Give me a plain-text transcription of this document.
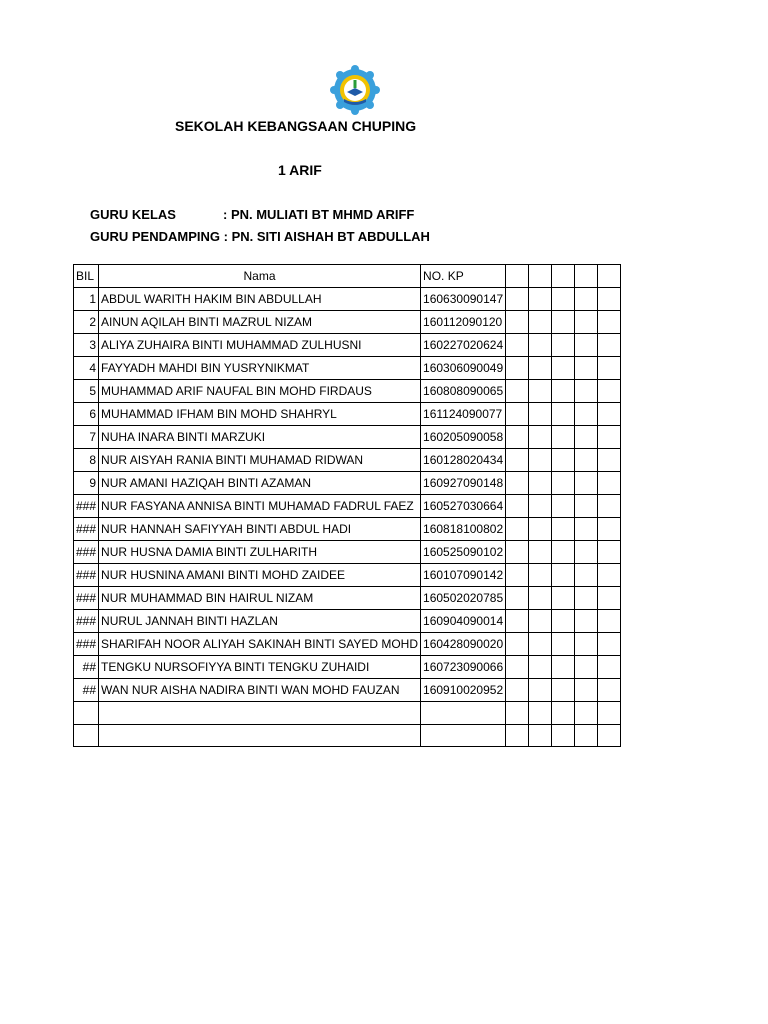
SEKOLAH KEBANGSAAN CHUPING
1 ARIF
GURU KELAS	: PN. MULIATI BT MHMD ARIFF
GURU PENDAMPING : PN. SITI AISHAH BT ABDULLAH
BIL	Nama	NO. KP					
1	ABDUL WARITH HAKIM BIN ABDULLAH	160630090147					
2	AINUN AQILAH BINTI MAZRUL NIZAM	160112090120					
3	ALIYA ZUHAIRA BINTI MUHAMMAD ZULHUSNI	160227020624					
4	FAYYADH MAHDI BIN YUSRYNIKMAT	160306090049					
5	MUHAMMAD ARIF NAUFAL BIN MOHD FIRDAUS	160808090065					
6	MUHAMMAD IFHAM BIN MOHD SHAHRYL	161124090077					
7	NUHA INARA BINTI MARZUKI	160205090058					
8	NUR AISYAH RANIA BINTI MUHAMAD RIDWAN	160128020434					
9	NUR AMANI HAZIQAH BINTI AZAMAN	160927090148					
###	NUR FASYANA ANNISA BINTI MUHAMAD FADRUL FAEZ	160527030664					
###	NUR HANNAH SAFIYYAH BINTI ABDUL HADI	160818100802					
###	NUR HUSNA DAMIA BINTI ZULHARITH	160525090102					
###	NUR HUSNINA AMANI BINTI MOHD ZAIDEE	160107090142					
###	NUR MUHAMMAD BIN HAIRUL NIZAM	160502020785					
###	NURUL JANNAH BINTI HAZLAN	160904090014					
###	SHARIFAH NOOR ALIYAH SAKINAH BINTI SAYED MOHD	160428090020					
##	TENGKU NURSOFIYYA BINTI TENGKU ZUHAIDI	160723090066					
##	WAN NUR AISHA NADIRA BINTI WAN MOHD FAUZAN	160910020952					
